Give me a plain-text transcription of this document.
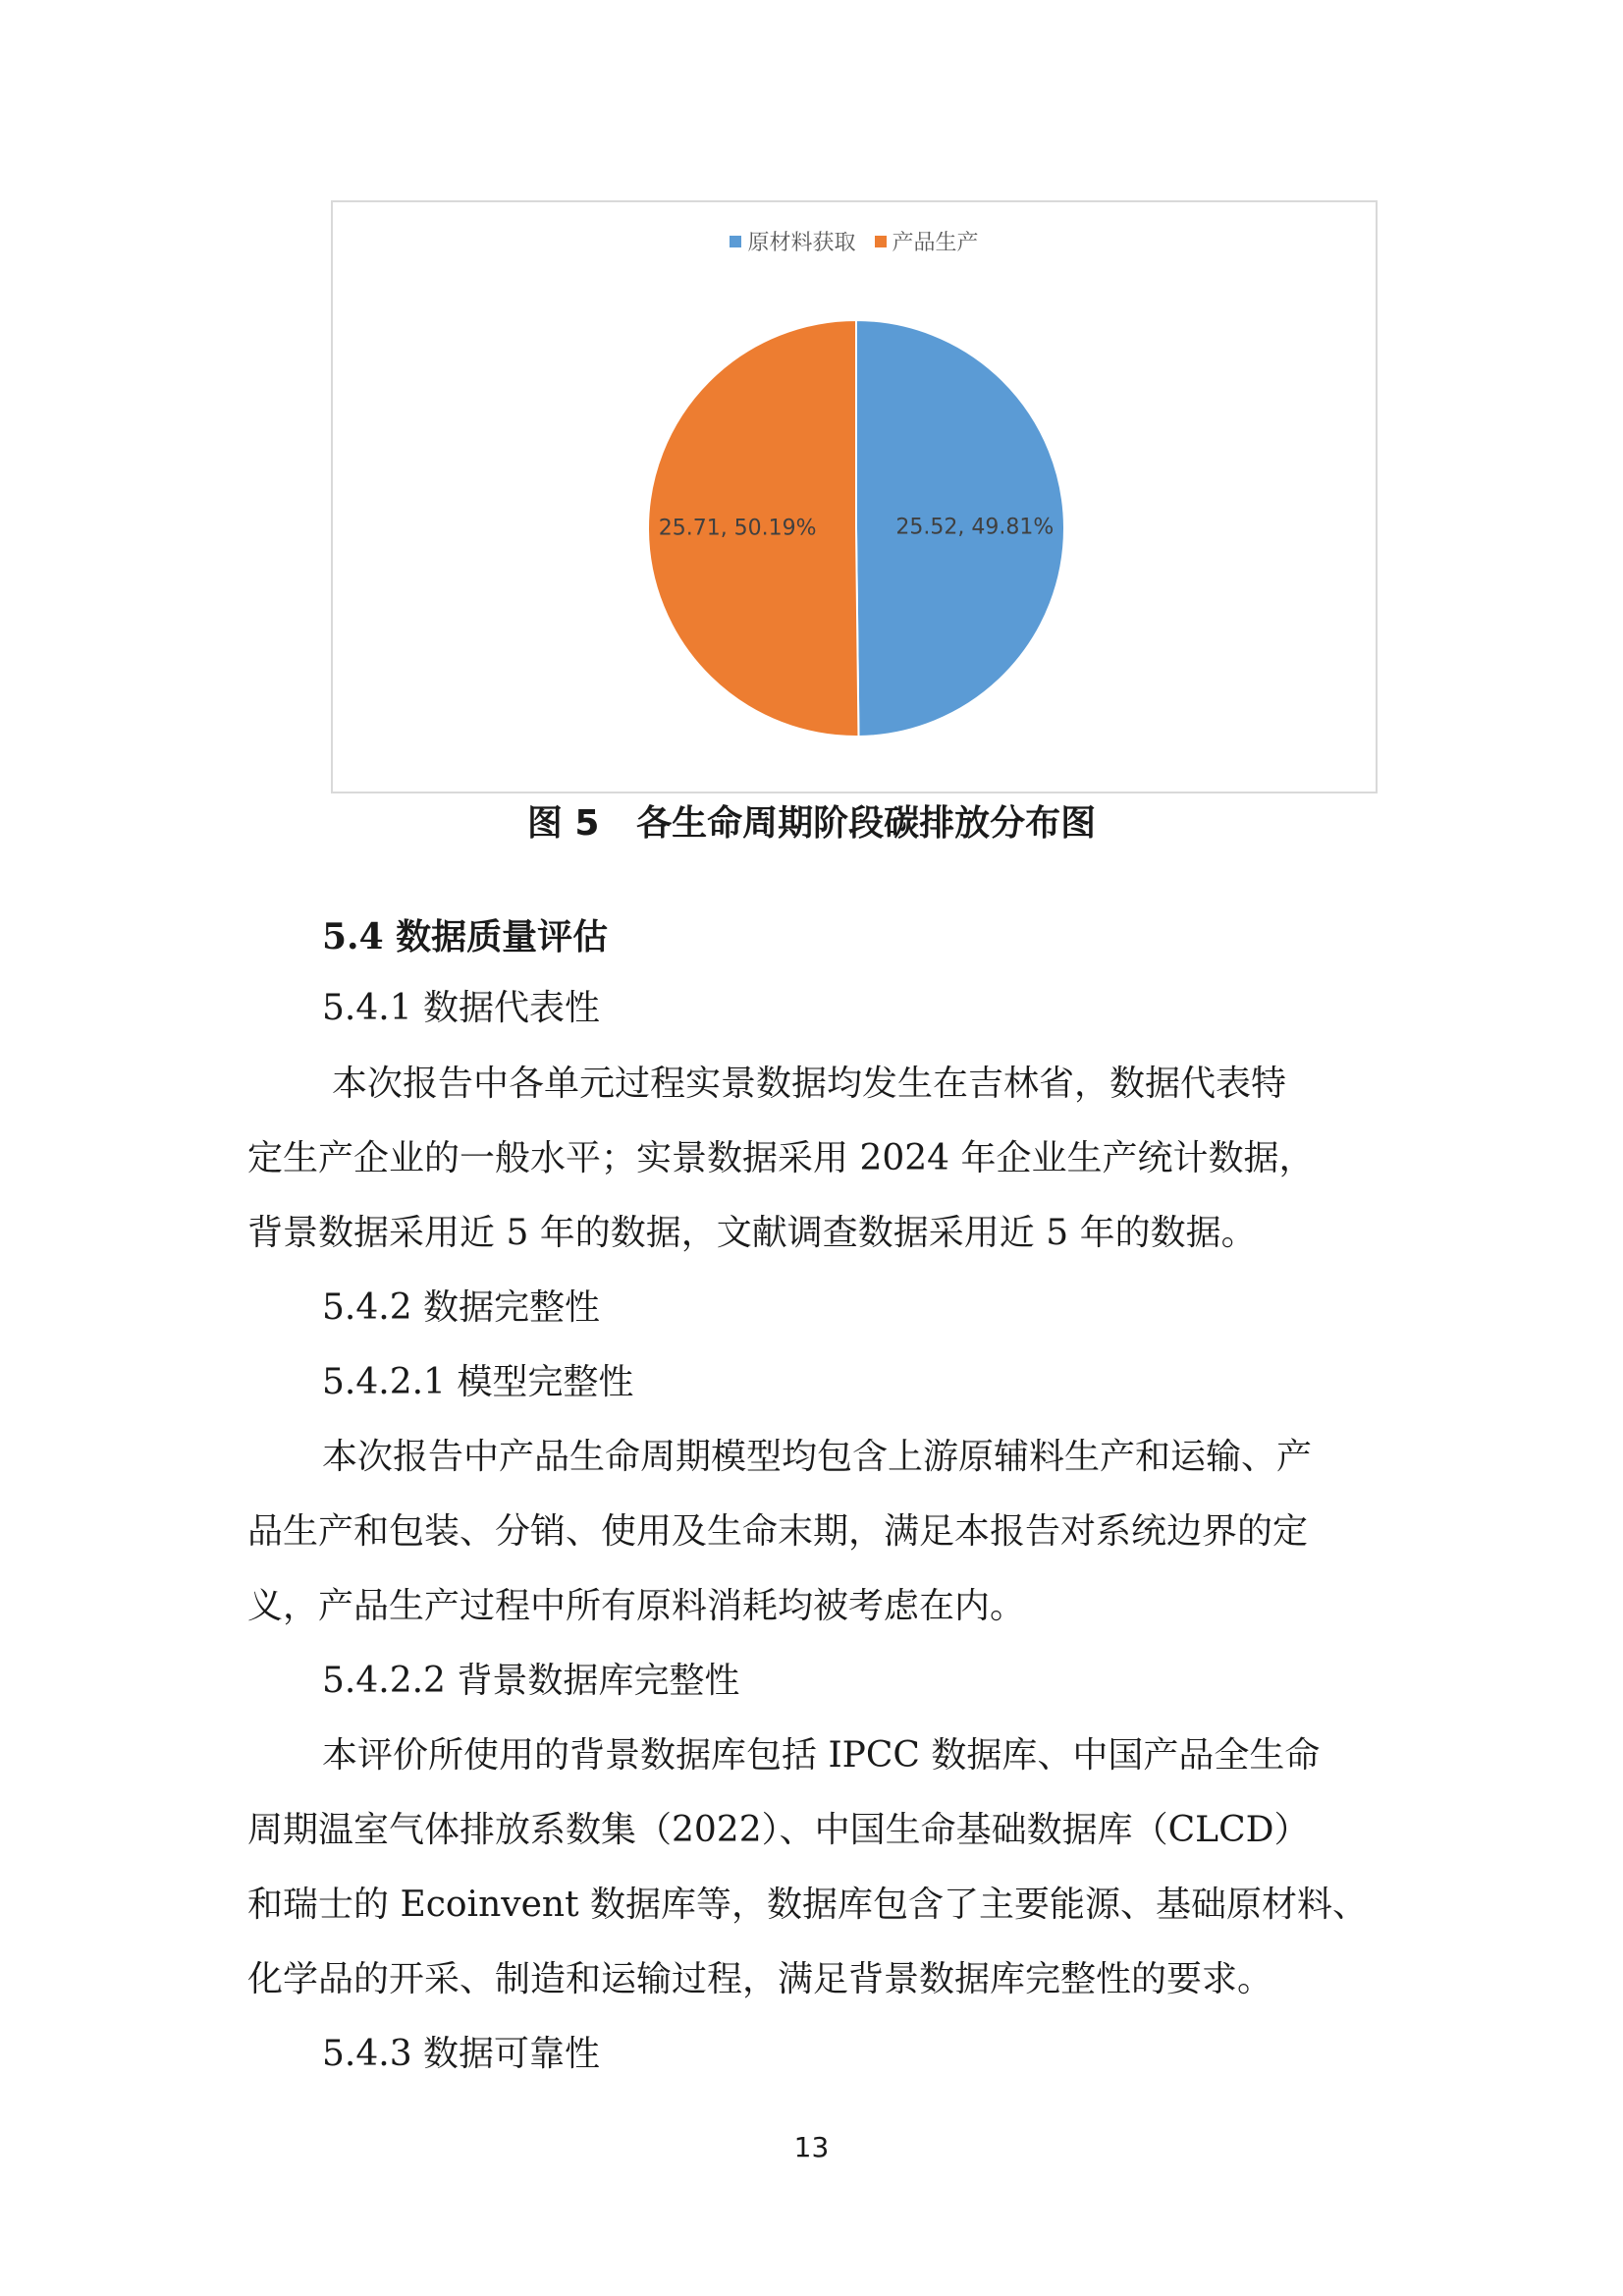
原材料获取 产品生产
25.52, 49.81%
25.71, 50.19%
图 5 各生命周期阶段碳排放分布图
5.4 数据质量评估
5.4.1 数据代表性
本次报告中各单元过程实景数据均发生在吉林省，数据代表特
定生产企业的一般水平；实景数据采用 2024 年企业生产统计数据，
背景数据采用近 5 年的数据，文献调查数据采用近 5 年的数据。
5.4.2 数据完整性
5.4.2.1 模型完整性
本次报告中产品生命周期模型均包含上游原辅料生产和运输、产
品生产和包装、分销、使用及生命末期，满足本报告对系统边界的定
义，产品生产过程中所有原料消耗均被考虑在内。
5.4.2.2 背景数据库完整性
本评价所使用的背景数据库包括 IPCC 数据库、中国产品全生命
周期温室气体排放系数集（2022）、中国生命基础数据库（CLCD）
和瑞士的 Ecoinvent 数据库等，数据库包含了主要能源、基础原材料、
化学品的开采、制造和运输过程，满足背景数据库完整性的要求。
5.4.3 数据可靠性
13
